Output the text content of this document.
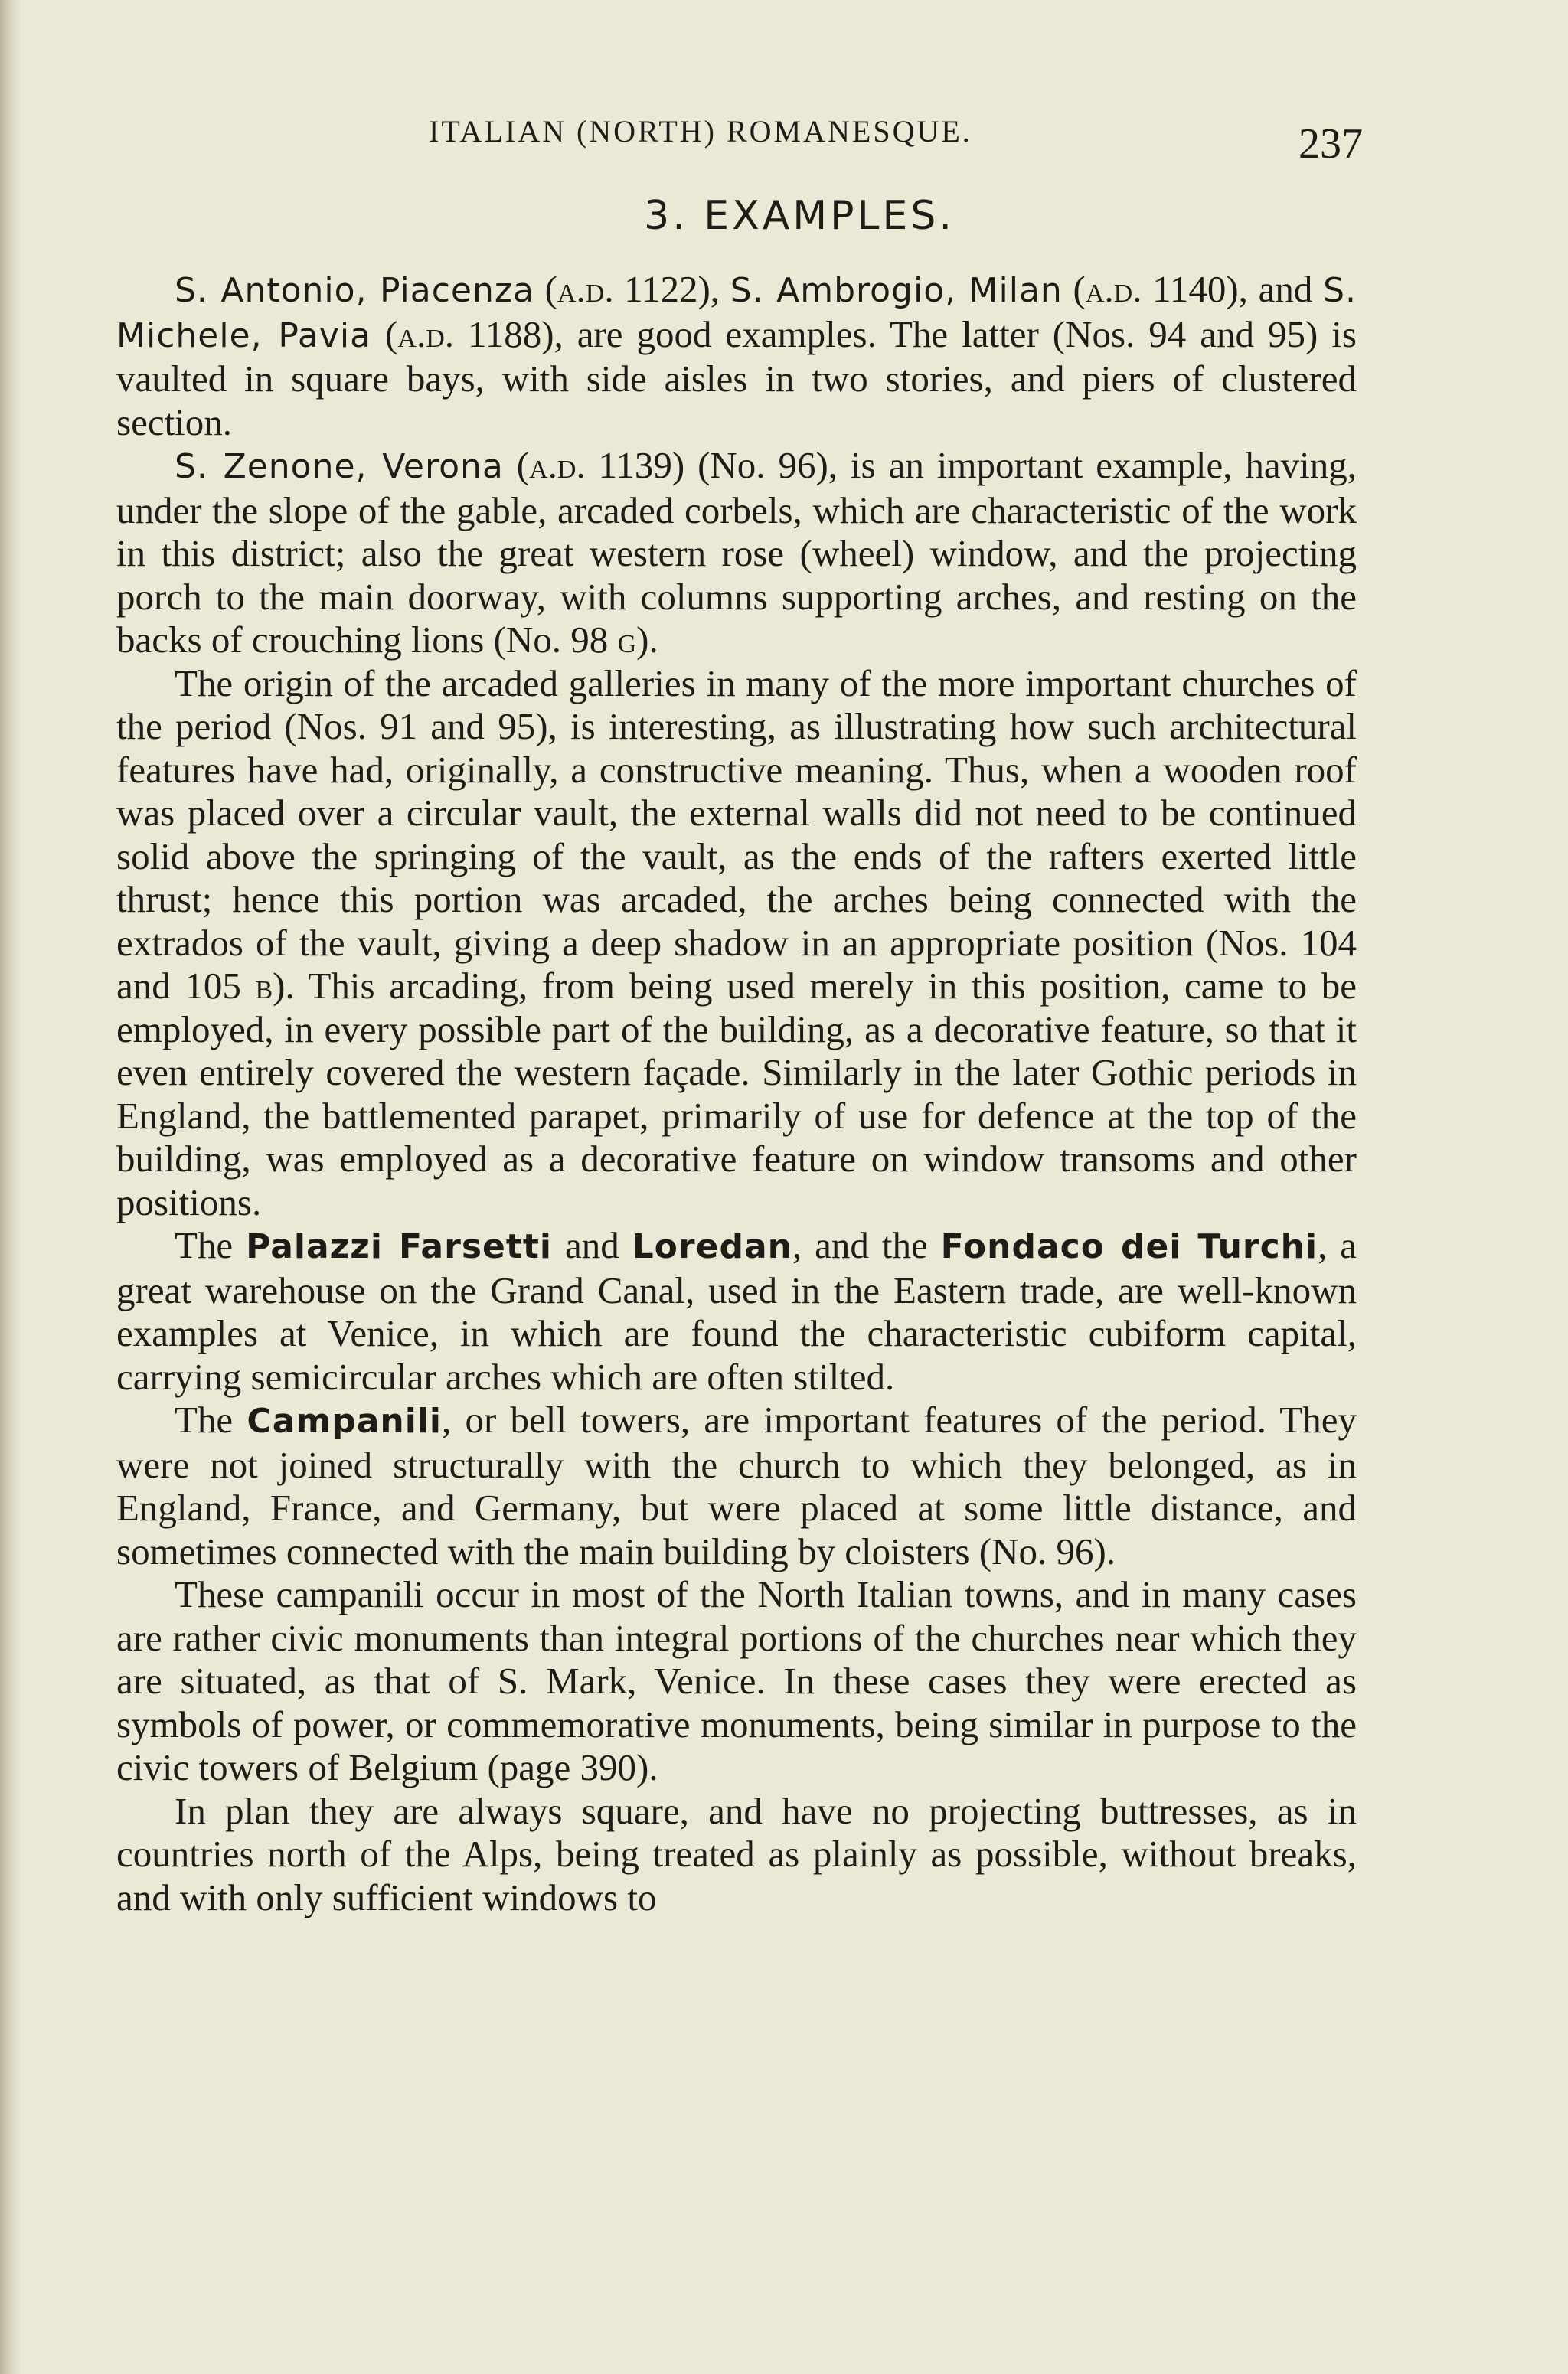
ITALIAN (NORTH) ROMANESQUE.	237
3. EXAMPLES.

S. Antonio, Piacenza (a.d. 1122), S. Ambrogio, Milan (a.d. 1140), and S. Michele, Pavia (a.d. 1188), are good examples. The latter (Nos. 94 and 95) is vaulted in square bays, with side aisles in two stories, and piers of clustered section.

S. Zenone, Verona (a.d. 1139) (No. 96), is an important example, having, under the slope of the gable, arcaded corbels, which are characteristic of the work in this district; also the great western rose (wheel) window, and the projecting porch to the main doorway, with columns supporting arches, and resting on the backs of crouching lions (No. 98 g).

The origin of the arcaded galleries in many of the more important churches of the period (Nos. 91 and 95), is interesting, as illustrating how such architectural features have had, originally, a constructive meaning. Thus, when a wooden roof was placed over a circular vault, the external walls did not need to be continued solid above the springing of the vault, as the ends of the rafters exerted little thrust; hence this portion was arcaded, the arches being connected with the extrados of the vault, giving a deep shadow in an appropriate position (Nos. 104 and 105 b). This arcading, from being used merely in this position, came to be employed, in every possible part of the building, as a decorative feature, so that it even entirely covered the western façade. Similarly in the later Gothic periods in England, the battlemented parapet, primarily of use for defence at the top of the building, was employed as a decorative feature on window transoms and other positions.

The Palazzi Farsetti and Loredan, and the Fondaco dei Turchi, a great warehouse on the Grand Canal, used in the Eastern trade, are well-known examples at Venice, in which are found the characteristic cubiform capital, carrying semicircular arches which are often stilted.

The Campanili, or bell towers, are important features of the period. They were not joined structurally with the church to which they belonged, as in England, France, and Germany, but were placed at some little distance, and sometimes connected with the main building by cloisters (No. 96).

These campanili occur in most of the North Italian towns, and in many cases are rather civic monuments than integral portions of the churches near which they are situated, as that of S. Mark, Venice. In these cases they were erected as symbols of power, or commemorative monuments, being similar in purpose to the civic towers of Belgium (page 390).

In plan they are always square, and have no projecting buttresses, as in countries north of the Alps, being treated as plainly as possible, without breaks, and with only sufficient windows to
